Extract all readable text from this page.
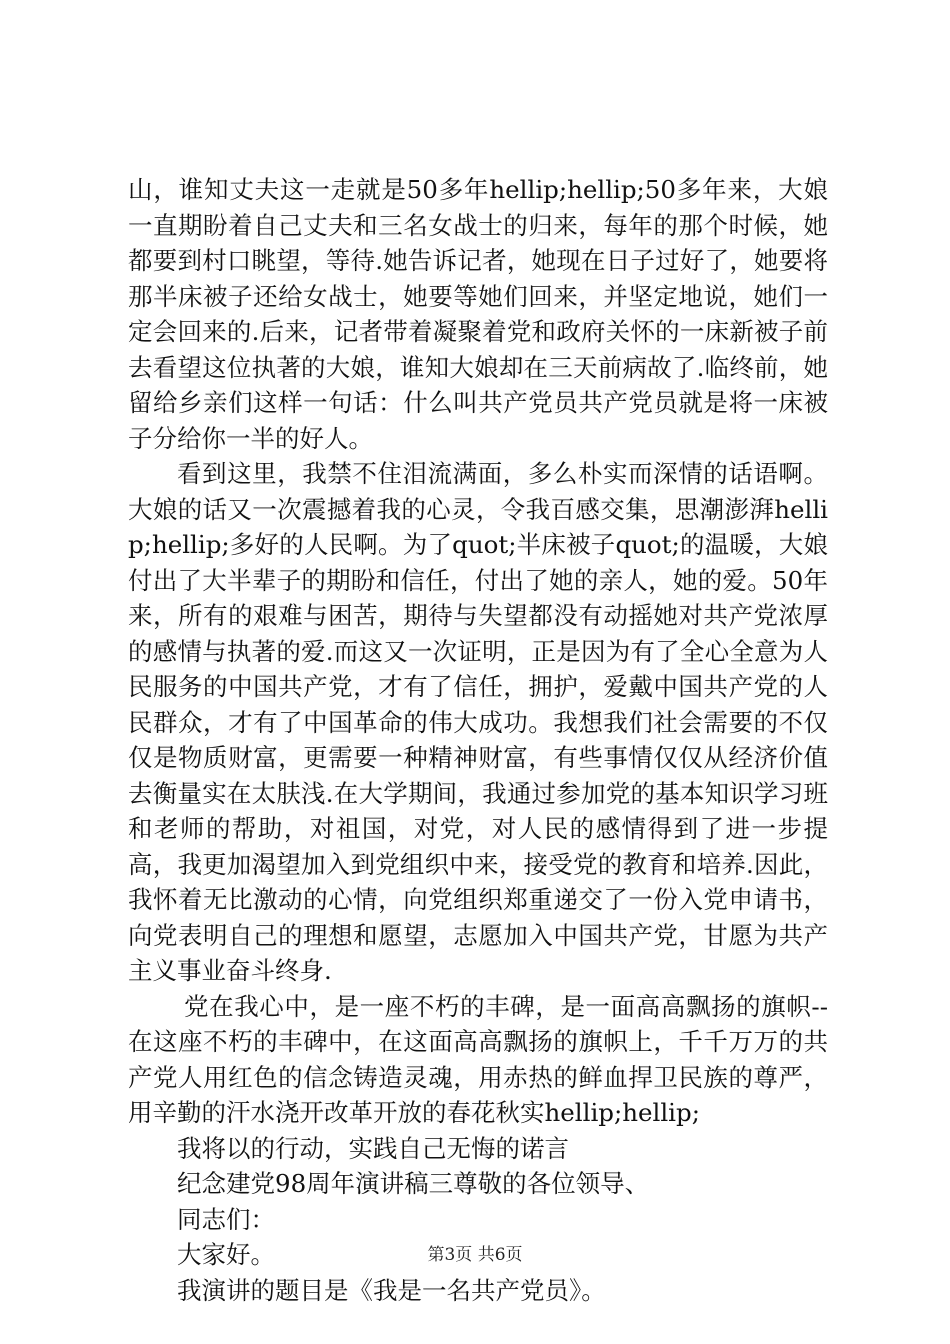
山，谁知丈夫这一走就是50多年hellip;hellip;50多年来，大娘一直期盼着自己丈夫和三名女战士的归来，每年的那个时候，她都要到村口眺望，等待.她告诉记者，她现在日子过好了，她要将那半床被子还给女战士，她要等她们回来，并坚定地说，她们一定会回来的.后来，记者带着凝聚着党和政府关怀的一床新被子前去看望这位执著的大娘，谁知大娘却在三天前病故了.临终前，她留给乡亲们这样一句话：什么叫共产党员共产党员就是将一床被子分给你一半的好人。

看到这里，我禁不住泪流满面，多么朴实而深情的话语啊。大娘的话又一次震撼着我的心灵，令我百感交集，思潮澎湃hellip;hellip;多好的人民啊。为了quot;半床被子quot;的温暖，大娘付出了大半辈子的期盼和信任，付出了她的亲人，她的爱。50年来，所有的艰难与困苦，期待与失望都没有动摇她对共产党浓厚的感情与执著的爱.而这又一次证明，正是因为有了全心全意为人民服务的中国共产党，才有了信任，拥护，爱戴中国共产党的人民群众，才有了中国革命的伟大成功。我想我们社会需要的不仅仅是物质财富，更需要一种精神财富，有些事情仅仅从经济价值去衡量实在太肤浅.在大学期间，我通过参加党的基本知识学习班和老师的帮助，对祖国，对党，对人民的感情得到了进一步提高，我更加渴望加入到党组织中来，接受党的教育和培养.因此，我怀着无比激动的心情，向党组织郑重递交了一份入党申请书，向党表明自己的理想和愿望，志愿加入中国共产党，甘愿为共产主义事业奋斗终身.

党在我心中，是一座不朽的丰碑，是一面高高飘扬的旗帜--在这座不朽的丰碑中，在这面高高飘扬的旗帜上，千千万万的共产党人用红色的信念铸造灵魂，用赤热的鲜血捍卫民族的尊严，用辛勤的汗水浇开改革开放的春花秋实hellip;hellip;

我将以的行动，实践自己无悔的诺言

纪念建党98周年演讲稿三尊敬的各位领导、

同志们：

大家好。

我演讲的题目是《我是一名共产党员》。

第3页 共6页
